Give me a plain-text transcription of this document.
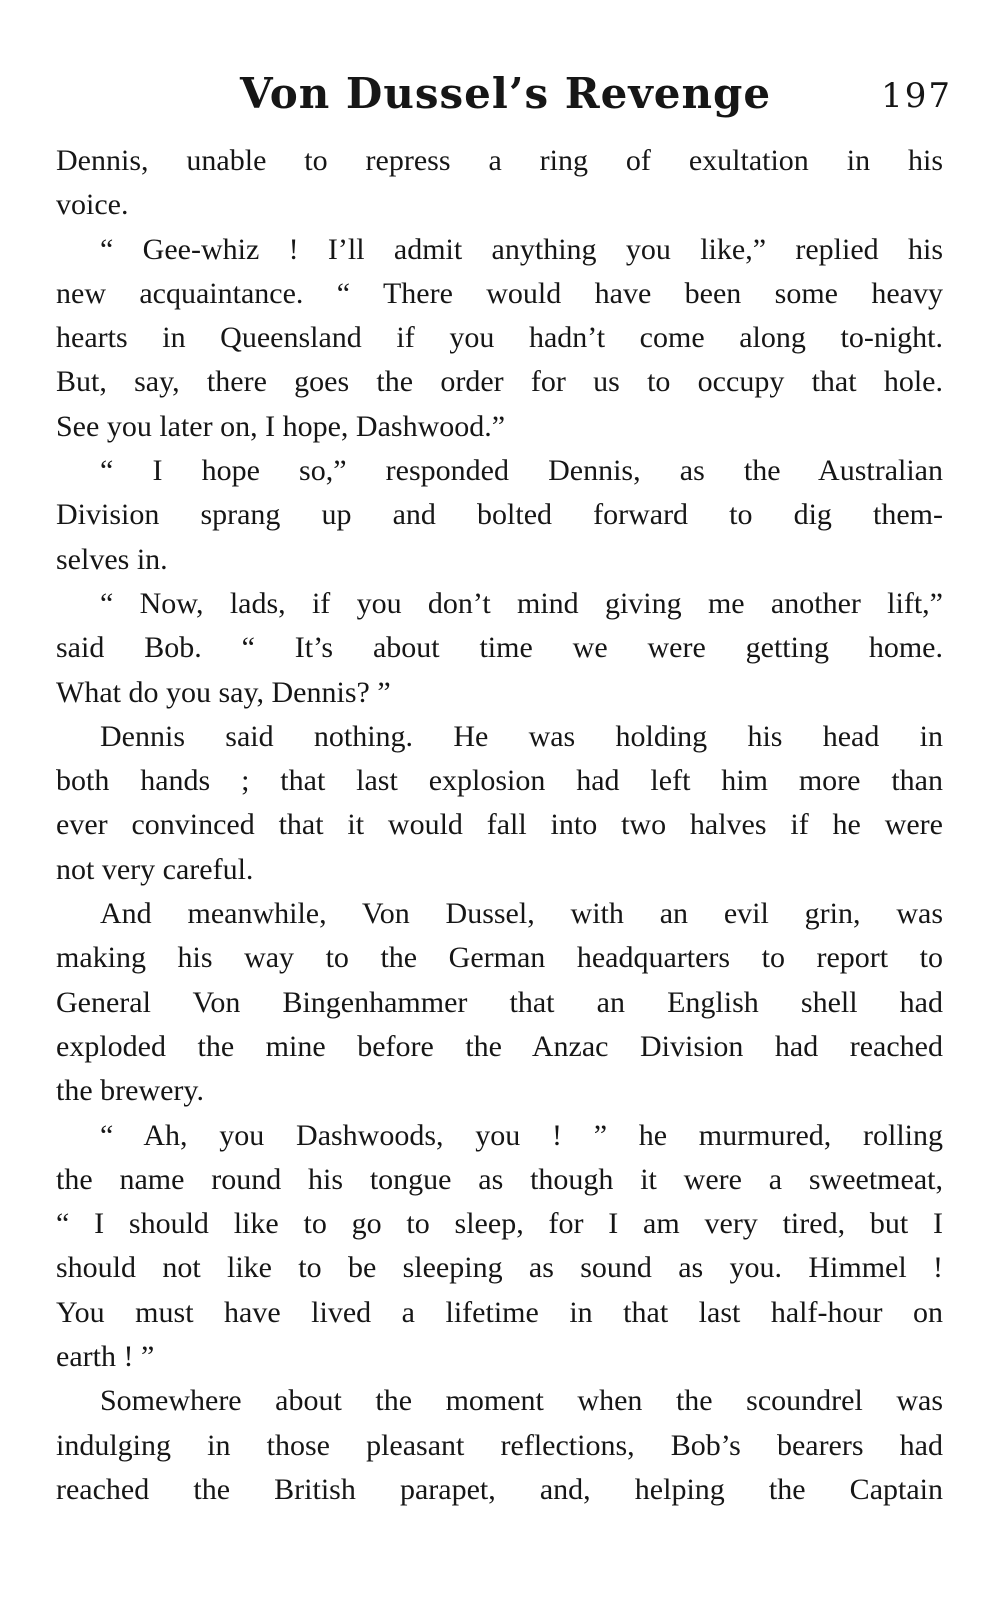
Von Dussel’s Revenge	197
Dennis, unable to repress a ring of exultation in his
voice.
“ Gee-whiz ! I’ll admit anything you like,” replied his
new acquaintance. “ There would have been some heavy
hearts in Queensland if you hadn’t come along to-night.
But, say, there goes the order for us to occupy that hole.
See you later on, I hope, Dashwood.”
“ I hope so,” responded Dennis, as the Australian
Division sprang up and bolted forward to dig them-
selves in.
“ Now, lads, if you don’t mind giving me another lift,”
said Bob. “ It’s about time we were getting home.
What do you say, Dennis? ”
Dennis said nothing. He was holding his head in
both hands ; that last explosion had left him more than
ever convinced that it would fall into two halves if he were
not very careful.
And meanwhile, Von Dussel, with an evil grin, was
making his way to the German headquarters to report to
General Von Bingenhammer that an English shell had
exploded the mine before the Anzac Division had reached
the brewery.
“ Ah, you Dashwoods, you ! ” he murmured, rolling
the name round his tongue as though it were a sweetmeat,
“ I should like to go to sleep, for I am very tired, but I
should not like to be sleeping as sound as you. Himmel !
You must have lived a lifetime in that last half-hour on
earth ! ”
Somewhere about the moment when the scoundrel was
indulging in those pleasant reflections, Bob’s bearers had
reached the British parapet, and, helping the Captain
